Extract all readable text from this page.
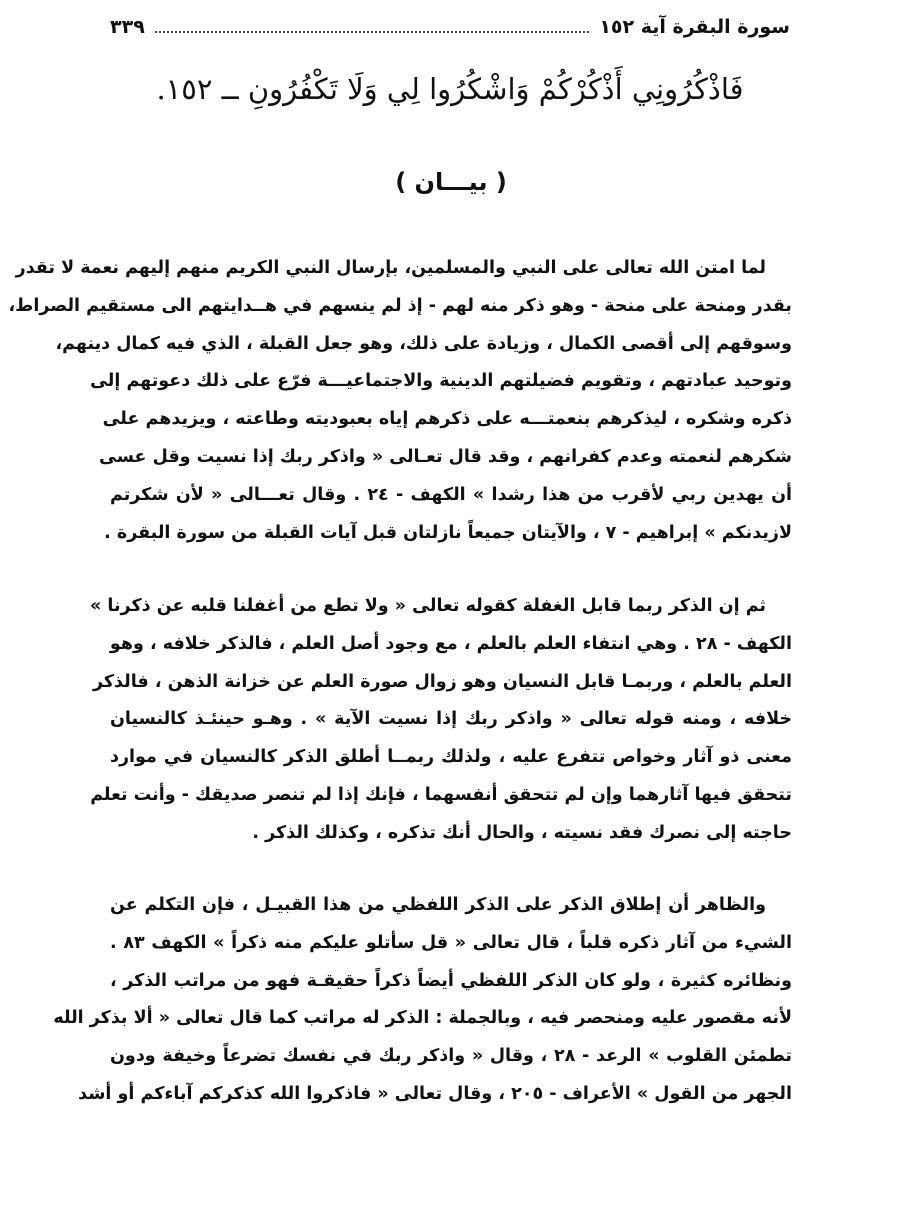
سورة البقرة آية ١٥٢
٣٣٩
فَاذْكُرُونِي أَذْكُرْكُمْ وَاشْكُرُوا لِي وَلَا تَكْفُرُونِ ــ ١٥٢.
( بيـــان )
لما امتن الله تعالى على النبي والمسلمين، بإرسال النبي الكريم منهم إليهم نعمة لا تقدر
بقدر ومنحة على منحة - وهو ذكر منه لهم - إذ لم ينسهم في هــدايتهم الى مستقيم الصراط،
وسوقهم إلى أقصى الكمال ، وزيادة على ذلك، وهو جعل القبلة ، الذي فيه كمال دينهم،
وتوحيد عبادتهم ، وتقويم فضيلتهم الدينية والاجتماعيـــة فرّع على ذلك دعوتهم إلى
ذكره وشكره ، ليذكرهم بنعمتـــه على ذكرهم إياه بعبوديته وطاعته ، ويزيدهم على
شكرهم لنعمته وعدم كفرانهم ، وقد قال تعـالى « واذكر ربك إذا نسيت وقل عسى
أن يهدين ربي لأقرب من هذا رشدا » الكهف - ٢٤ . وقال تعـــالى « لأن شكرتم
لازيدنكم » إبراهيم - ٧ ، والآيتان جميعاً نازلتان قبل آيات القبلة من سورة البقرة .
ثم إن الذكر ربما قابل الغفلة كقوله تعالى « ولا تطع من أغفلنا قلبه عن ذكرنا »
الكهف - ٢٨ . وهي انتفاء العلم بالعلم ، مع وجود أصل العلم ، فالذكر خلافه ، وهو
العلم بالعلم ، وربمـا قابل النسيان وهو زوال صورة العلم عن خزانة الذهن ، فالذكر
خلافه ، ومنه قوله تعالى « واذكر ربك إذا نسيت الآية » . وهـو حينئـذ كالنسيان
معنى ذو آثار وخواص تتفرع عليه ، ولذلك ربمــا أطلق الذكر كالنسيان في موارد
تتحقق فيها آثارهما وإن لم تتحقق أنفسهما ، فإنك إذا لم تنصر صديقك - وأنت تعلم
حاجته إلى نصرك فقد نسيته ، والحال أنك تذكره ، وكذلك الذكر .
والظاهر أن إطلاق الذكر على الذكر اللفظي من هذا القبيـل ، فإن التكلم عن
الشيء من آثار ذكره قلباً ، قال تعالى « قل سأتلو عليكم منه ذكراً » الكهف ٨٣ .
ونظائره كثيرة ، ولو كان الذكر اللفظي أيضاً ذكراً حقيقـة فهو من مراتب الذكر ،
لأنه مقصور عليه ومنحصر فيه ، وبالجملة : الذكر له مراتب كما قال تعالى « ألا بذكر الله
تطمئن القلوب » الرعد - ٢٨ ، وقال « واذكر ربك في نفسك تضرعاً وخيفة ودون
الجهر من القول » الأعراف - ٢٠٥ ، وقال تعالى « فاذكروا الله كذكركم آباءكم أو أشد
